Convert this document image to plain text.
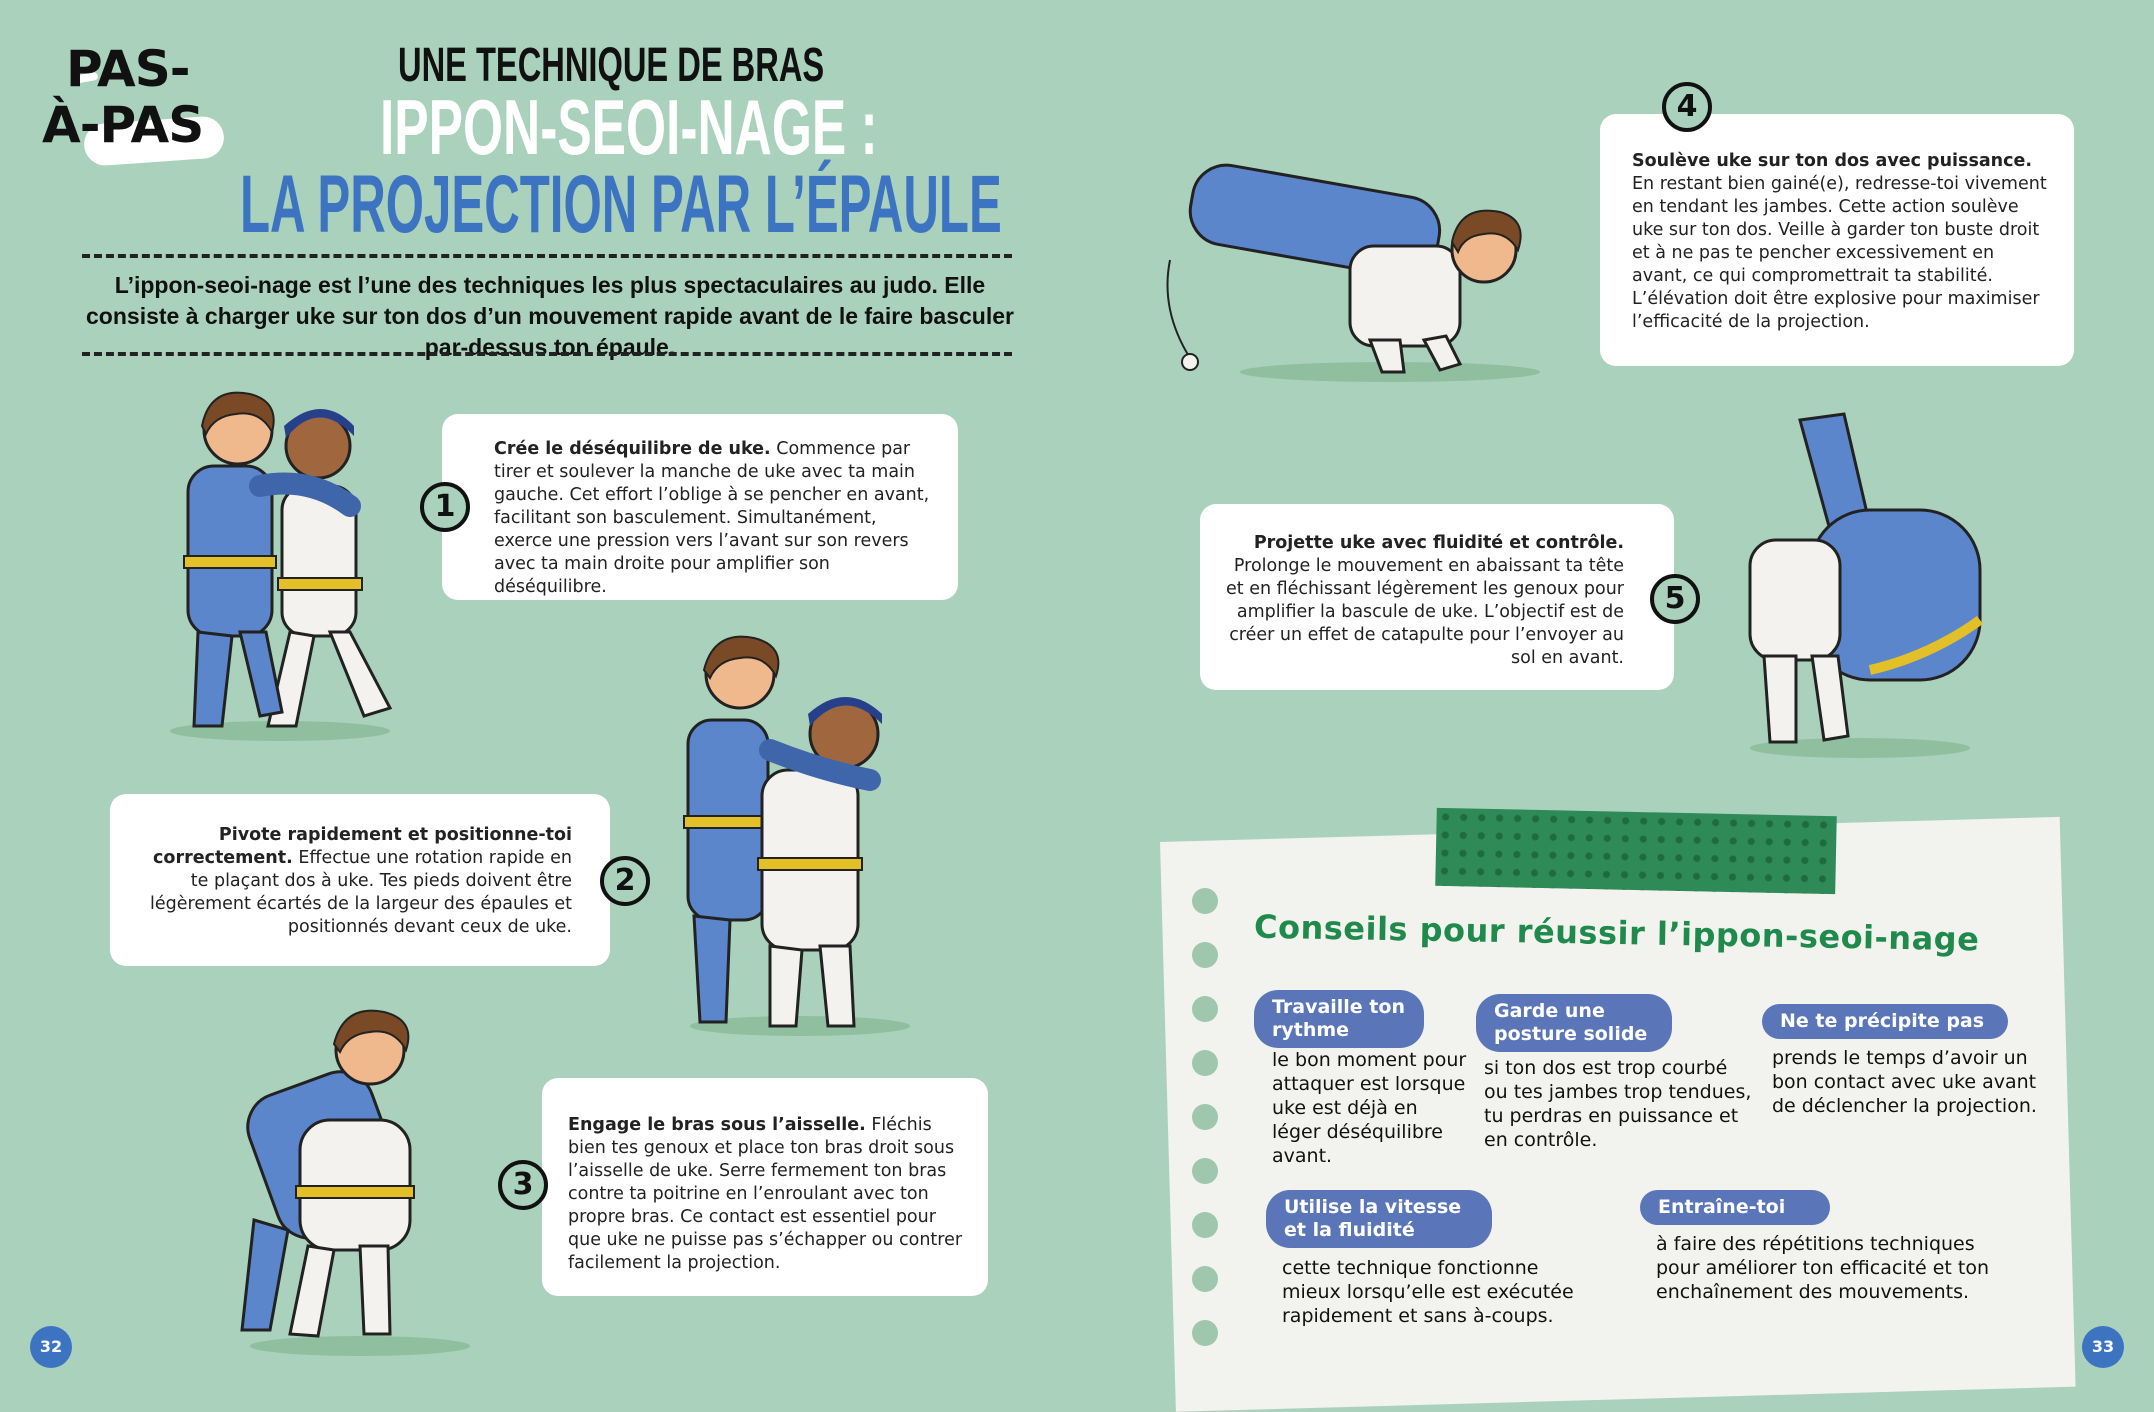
PAS-
À-PAS
UNE TECHNIQUE DE BRAS
IPPON-SEOI-NAGE :
LA PROJECTION PAR L’ÉPAULE
L’ippon-seoi-nage est l’une des techniques les plus spectaculaires au judo. Elle consiste à charger uke sur ton dos d’un mouvement rapide avant de le faire basculer par-dessus ton épaule.
Crée le déséquilibre de uke. Commence par tirer et soulever la manche de uke avec ta main gauche. Cet effort l’oblige à se pencher en avant, facilitant son basculement. Simultanément, exerce une pression vers l’avant sur son revers avec ta main droite pour amplifier son déséquilibre.
1
Pivote rapidement et positionne-toi correctement. Effectue une rotation rapide en te plaçant dos à uke. Tes pieds doivent être légèrement écartés de la largeur des épaules et positionnés devant ceux de uke.
2
Engage le bras sous l’aisselle. Fléchis bien tes genoux et place ton bras droit sous l’aisselle de uke. Serre fermement ton bras contre ta poitrine en l’enroulant avec ton propre bras. Ce contact est essentiel pour que uke ne puisse pas s’échapper ou contrer facilement la projection.
3
Soulève uke sur ton dos avec puissance. En restant bien gainé(e), redresse-toi vivement en tendant les jambes. Cette action soulève uke sur ton dos. Veille à garder ton buste droit et à ne pas te pencher excessivement en avant, ce qui compromettrait ta stabilité. L’élévation doit être explosive pour maximiser l’efficacité de la projection.
4
Projette uke avec fluidité et contrôle. Prolonge le mouvement en abaissant ta tête et en fléchissant légèrement les genoux pour amplifier la bascule de uke. L’objectif est de créer un effet de catapulte pour l’envoyer au sol en avant.
5
Conseils pour réussir l’ippon-seoi-nage
Travaille ton rythme
le bon moment pour attaquer est lorsque uke est déjà en léger déséquilibre avant.
Garde une posture solide
si ton dos est trop courbé ou tes jambes trop tendues, tu perdras en puissance et en contrôle.
Ne te précipite pas
prends le temps d’avoir un bon contact avec uke avant de déclencher la projection.
Utilise la vitesse et la fluidité
cette technique fonctionne mieux lorsqu’elle est exécutée rapidement et sans à-coups.
Entraîne-toi
à faire des répétitions techniques pour améliorer ton efficacité et ton enchaînement des mouvements.
32	33
